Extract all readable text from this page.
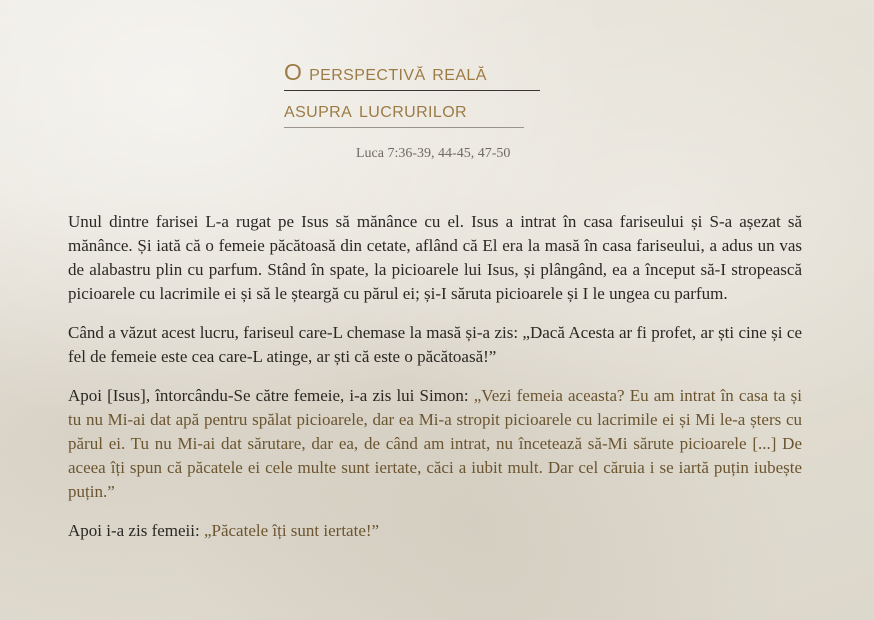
O perspectivă reală
asupra lucrurilor
Luca 7:36-39, 44-45, 47-50

Unul dintre farisei L-a rugat pe Isus să mănânce cu el. Isus a intrat în casa fariseului și S-a așezat să mănânce. Și iată că o femeie păcătoasă din cetate, aflând că El era la masă în casa fariseului, a adus un vas de alabastru plin cu parfum. Stând în spate, la picioarele lui Isus, și plângând, ea a început să-I stropească picioarele cu lacrimile ei și să le șteargă cu părul ei; și-I săruta picioarele și I le ungea cu parfum.

Când a văzut acest lucru, fariseul care-L chemase la masă și-a zis: „Dacă Acesta ar fi profet, ar ști cine și ce fel de femeie este cea care-L atinge, ar ști că este o păcătoasă!”

Apoi [Isus], întorcându-Se către femeie, i-a zis lui Simon: „Vezi femeia aceasta? Eu am intrat în casa ta și tu nu Mi-ai dat apă pentru spălat picioarele, dar ea Mi-a stropit picioarele cu lacrimile ei și Mi le-a șters cu părul ei. Tu nu Mi-ai dat sărutare, dar ea, de când am intrat, nu încetează să-Mi sărute picioarele [...] De aceea îți spun că păcatele ei cele multe sunt iertate, căci a iubit mult. Dar cel căruia i se iartă puțin iubește puțin.”

Apoi i-a zis femeii: „Păcatele îți sunt iertate!”
